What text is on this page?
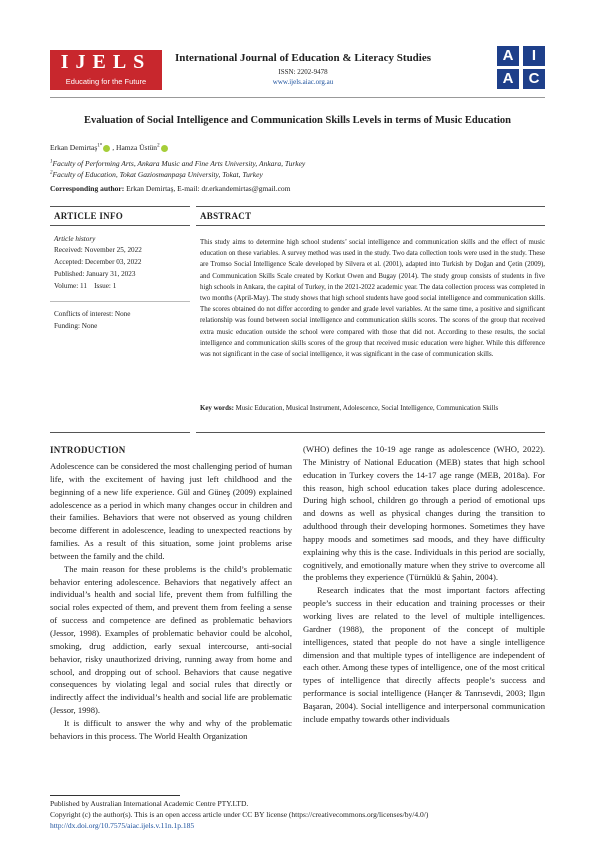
IJELS
Educating for the Future
International Journal of Education & Literacy Studies
ISSN: 2202-9478
www.ijels.aiac.org.au
A	I
A	C
Evaluation of Social Intelligence and Communication Skills Levels in terms of Music Education
Erkan Demirtaş$^{1*}$ , Hamza Üstün$^2$
$^1$Faculty of Performing Arts, Ankara Music and Fine Arts University, Ankara, Turkey
$^2$Faculty of Education, Tokat Gaziosmanpaşa University, Tokat, Turkey
Corresponding author: Erkan Demirtaş, E-mail: dr.erkandemirtas@gmail.com
ARTICLE INFO	ABSTRACT
Article history
Received: November 25, 2022
Accepted: December 03, 2022
Published: January 31, 2023
Volume: 11    Issue: 1
Conflicts of interest: None
Funding: None
This study aims to determine high school students’ social intelligence and communication skills and the effect of music education on these variables. A survey method was used in the study. Two data collection tools were used in the study. These are Tromso Social Intelligence Scale developed by Silvera et al. (2001), adapted into Turkish by Doğan and Çetin (2009), and Communication Skills Scale created by Korkut Owen and Bugay (2014). The study group consists of students in five high schools in Ankara, the capital of Turkey, in the 2021-2022 academic year. The data collection process was completed in two months (April-May). The study shows that high school students have good social intelligence and communication skills. The scores obtained do not differ according to gender and grade level variables. At the same time, a positive and significant relationship was found between social intelligence and communication skills scores. The scores of the group that received extra music education outside the school were compared with those that did not. According to these results, the social intelligence and communication skills scores of the group that received music education were higher. While this difference was not significant in the case of social intelligence, it was significant in the case of communication skills.
Key words: Music Education, Musical Instrument, Adolescence, Social Intelligence, Communication Skills
INTRODUCTION

Adolescence can be considered the most challenging period of human life, with the excitement of having just left childhood and the beginning of a new life experience. Gül and Güneş (2009) explained adolescence as a period in which many changes occur in children and their families. Behaviors that were not observed as young children become different in adolescence, leading to unexpected reactions by families. As a result of this situation, some joint problems arise between the family and the child.

The main reason for these problems is the child’s problematic behavior entering adolescence. Behaviors that negatively affect an individual’s health and social life, prevent them from fulfilling the social roles expected of them, and prevent them from feeling a sense of success and competence are defined as problematic behaviors (Jessor, 1998). Examples of problematic behavior could be alcohol, smoking, drug addiction, early sexual intercourse, anti-social behavior, risky unauthorized driving, running away from home and school, and dropping out of school. Behaviors that cause negative consequences by violating legal and social rules that directly or indirectly affect the individual’s health and social life are problematic (Jessor, 1998).

It is difficult to answer the why and why of the problematic behaviors in this process. The World Health Organization

(WHO) defines the 10-19 age range as adolescence (WHO, 2022). The Ministry of National Education (MEB) states that high school education in Turkey covers the 14-17 age range (MEB, 2018a). For this reason, high school education takes place during adolescence. During high school, children go through a period of emotional ups and downs as well as physical changes during the transition to adulthood through their developing hormones. Sometimes they have happy moods and sometimes sad moods, and they have difficulty explaining why this is the case. Individuals in this period are socially, cognitively, and emotionally mature when they strive to overcome all the problems they experience (Türnüklü & Şahin, 2004).

Research indicates that the most important factors affecting people’s success in their education and training processes or their working lives are related to the level of multiple intelligences. Gardner (1988), the proponent of the concept of multiple intelligences, stated that people do not have a single intelligence dimension and that multiple types of intelligence are independent of each other. Among these types of intelligence, one of the most critical types of intelligence that directly affects people’s success and performance is social intelligence (Hançer & Tanrısevdi, 2003; Ilgın Başaran, 2004). Social intelligence and interpersonal communication include empathy towards other individuals

Published by Australian International Academic Centre PTY.LTD.
Copyright (c) the author(s). This is an open access article under CC BY license (https://creativecommons.org/licenses/by/4.0/)
http://dx.doi.org/10.7575/aiac.ijels.v.11n.1p.185
